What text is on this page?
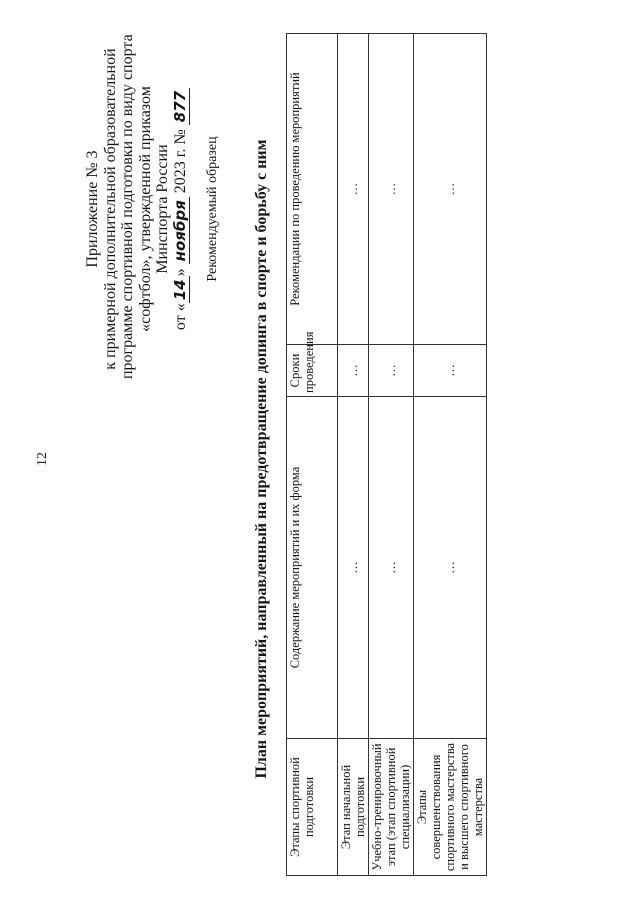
12
Приложение № 3 к примерной дополнительной образовательной программе спортивной подготовки по виду спорта «софтбол», утвержденной приказом Минспорта России
от «14» ноября 2023 г. № 877
Рекомендуемый образец План мероприятий, направленный на предотвращение допинга в спорте и борьбу с ним
Этапы спортивной подготовки	Содержание мероприятий и их форма	Сроки проведения	Рекомендации по проведению мероприятий
Этап начальной подготовки	…	…	…
Учебно-тренировочный этап (этап спортивной специализации)	…	…	…
Этапы совершенствования спортивного мастерства и высшего спортивного мастерства	…	…	…
